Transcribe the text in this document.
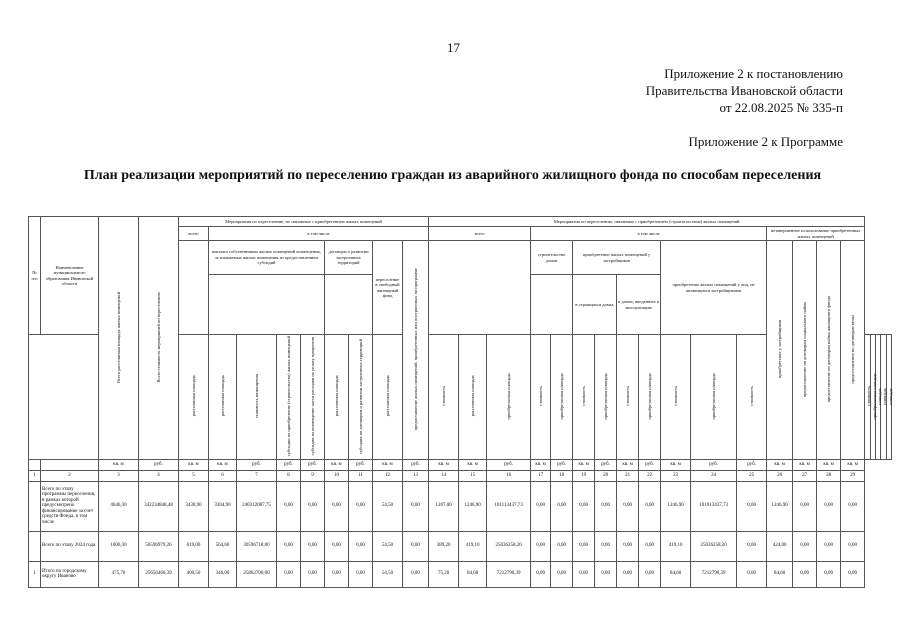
17
Приложение 2 к постановлению
Правительства Ивановской области
от 22.08.2025 № 335-п
Приложение 2 к Программе
План реализации мероприятий по переселению граждан из аварийного жилищного фонда по способам переселения
№ п/п	Наименование муниципального образования Ивановской области	Всего расселяемая площадь жилых помещений	Всего стоимость мероприятий по переселению	Мероприятия по переселению, не связанные с приобретением жилых помещений									Мероприятия по переселению, связанные с приобретением (строительством) жилых помещений																				
				всего	в том числе								всего			в том числе									незавершенное использование приобретенных жилых помещений								
					выплата собственникам жилых помещений возмещения, за изымаемые жилые помещения из предоставлением субсидий				договоры о развитии застроенных территорий		переселение в свободный жилищный фонд	предоставление жилых помещений, приобретенных или построенных по программе				строительство домов		приобретение жилых помещений у застройщиков				приобретение жилых помещений у лиц, не являющихся застройщиками			приобретение у застройщиков	предоставление по договорам социального найма	предоставление по договорам найма жилищного фонда	предоставление по договорам мены					
																		в строящихся домах		в домах, введенных в эксплуатацию													
				расселяемая площадь	расселяемая площадь	стоимость возмещения	субсидии на приобретение (строительство) жилых помещений	субсидии на возмещение части расходов на уплату процентов	расселяемая площадь	субсидия по договорам о развитии застроенных территорий	расселяемая площадь		стоимость	расселяемая площадь	приобретаемая площадь	стоимость	приобретаемая площадь	стоимость	приобретаемая площадь	стоимость	приобретаемая площадь	стоимость	приобретаемая площадь	стоимость					стоимость	приобретаемая площадь	площадь	площадь	площадь
		кв. м	руб.	кв. м	кв. м	руб.	руб.	руб.	кв. м	руб.	кв. м	руб.	кв. м	кв. м	руб.	кв. м	руб.	кв. м	руб.	кв. м	руб.	кв. м	руб.	руб.	кв. м	кв. м	кв. м	кв. м					
1	2	3	4	5	6	7	8	9	10	11	12	13	14	15	16	17	18	19	20	21	22	23	24	25	26	27	28	29					
	Всего по этапу программы переселения, в рамках которой предусмотрено финансирование за счет средств Фонда, в том числе	4646,30	342234848,48	3430,90	3304,90	240312087,75	0,00	0,00	0,00	0,00	54,50	0,00	1207,00	1246,90	101113437,73	0,00	0,00	0,00	0,00	0,00	0,00	1246,90	101913437,73	0,00	1246,90	0,00	0,00	0,00					
	Всего по этапу 2024 года	1006,30	56596979,26	619,00	564,60	30596718,00	0,00	0,00	0,00	0,00	54,50	0,00	389,20	419,10	25036258,20	0,00	0,00	0,00	0,00	0,00	0,00	419,10	25036258,20	0,00	424,00	0,00	0,00	0,00					
1	Итого по городскому округу Иваново	475,70	25656460,39	400,50	346,00	25862700,00	0,00	0,00	0,00	0,00	54,50	0,00	75,20	84,60	7212790,39	0,00	0,00	0,00	0,00	0,00	0,00	84,60	7212790,39	0,00	84,60	0,00	0,00	0,00					
